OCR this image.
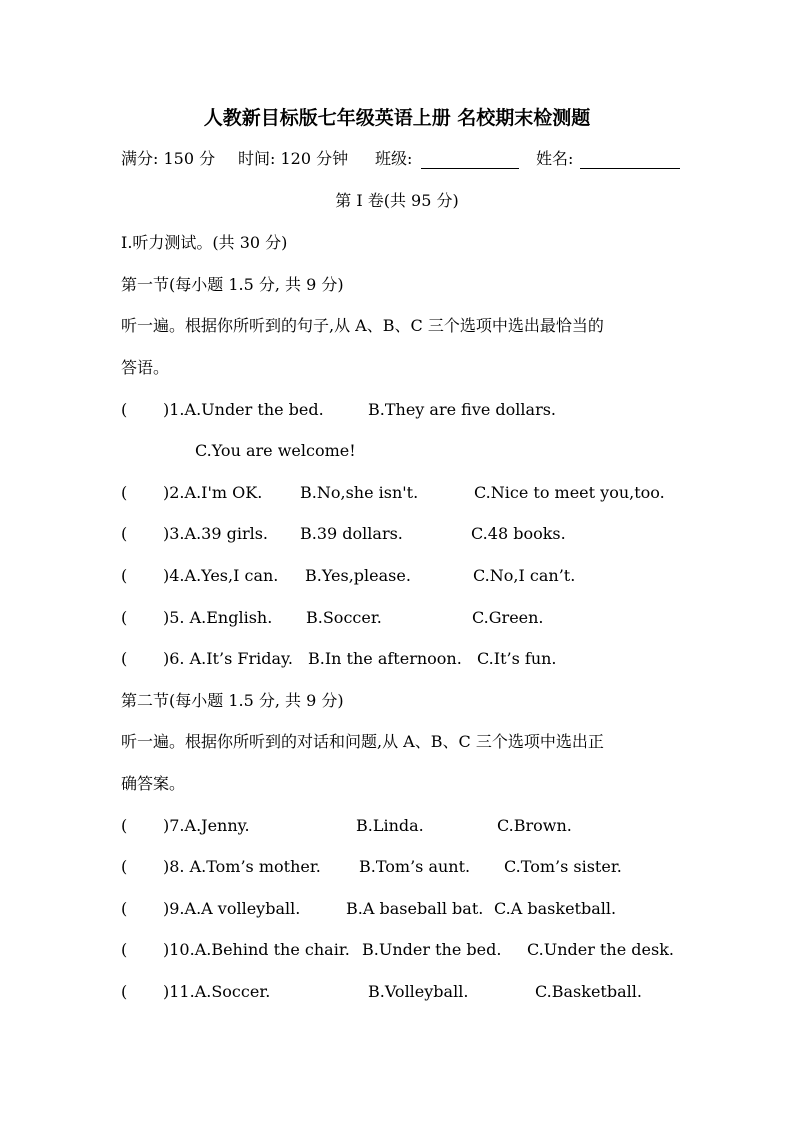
人教新目标版七年级英语上册 名校期末检测题
满分: 150 分 时间: 120 分钟 班级:	姓名:
第 I 卷(共 95 分)
Ⅰ.听力测试。(共 30 分)
第一节(每小题 1.5 分, 共 9 分)
听一遍。根据你所听到的句子,从 A、B、C 三个选项中选出最恰当的
答语。
( )1.A.Under the bed.	B.They are five dollars.
C.You are welcome!
( )2.A.I'm OK. B.No,she isn't.	C.Nice to meet you,too.
( )3.A.39 girls. B.39 dollars.	C.48 books.
( )4.A.Yes,I can. B.Yes,please.	C.No,I can’t.
( )5. A.English. B.Soccer.	C.Green.
( )6. A.It’s Friday. B.In the afternoon. C.It’s fun.
第二节(每小题 1.5 分, 共 9 分)
听一遍。根据你所听到的对话和问题,从 A、B、C 三个选项中选出正
确答案。
( )7.A.Jenny.	B.Linda.	C.Brown.
( )8. A.Tom’s mother. B.Tom’s aunt. C.Tom’s sister.
( )9.A.A volleyball.	B.A baseball bat. C.A basketball.
( )10.A.Behind the chair. B.Under the bed. C.Under the desk.
( )11.A.Soccer.	B.Volleyball.	C.Basketball.
